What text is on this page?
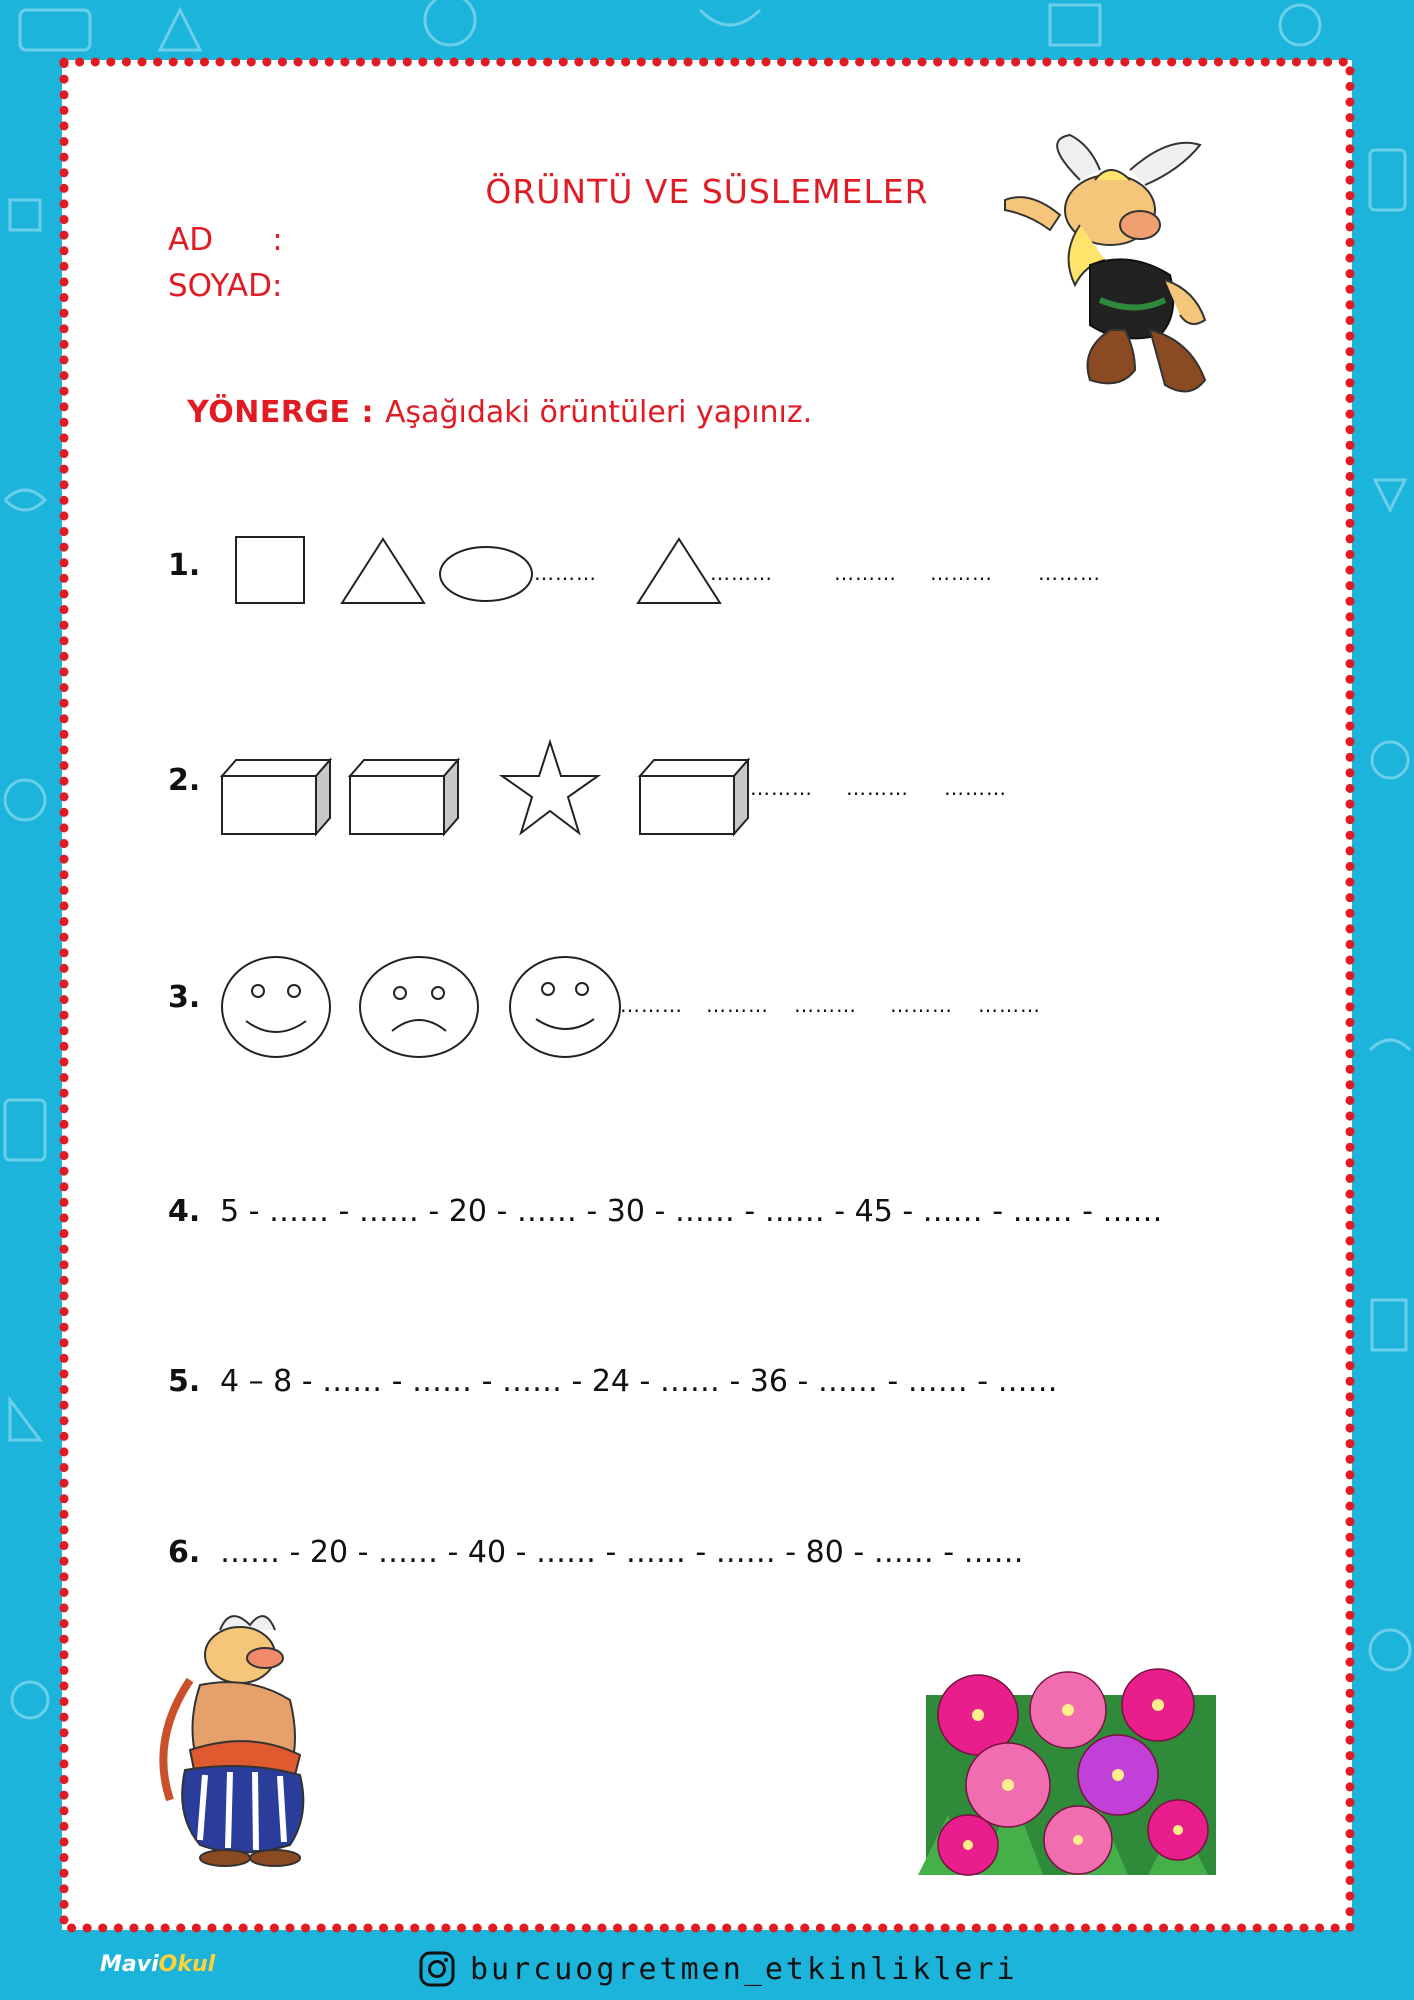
ÖRÜNTÜ VE SÜSLEMELER
AD      :
SOYAD:

YÖNERGE : Aşağıdaki örüntüleri yapınız.

1.	………	………	……… ……… ………
2.	……… ……… ………
3.	……… ……… ……… ……… ………
4. 5 - …… - …… - 20 - …… - 30 - …… - …… - 45 - …… - …… - ……
5. 4 – 8 - …… - …… - …… - 24 - …… - 36 - …… - …… - ……
6. …… - 20 - …… - 40 - …… - …… - …… - 80 - …… - ……
MaviOkul	burcuogretmen_etkinlikleri
